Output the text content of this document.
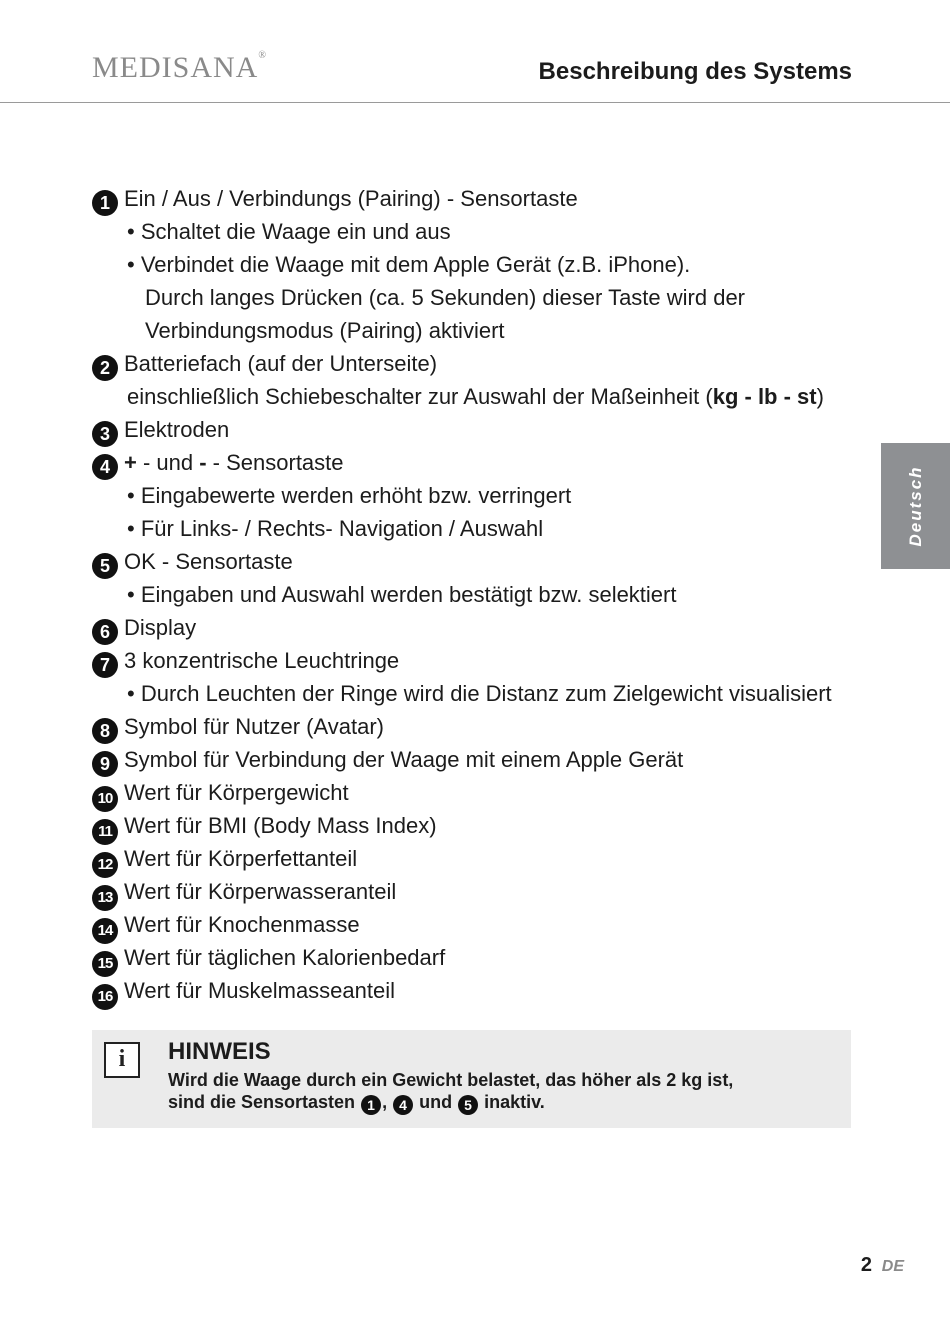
MEDISANA®
Beschreibung des Systems
Deutsch
1 Ein / Aus / Verbindungs (Pairing) - Sensortaste
• Schaltet die Waage ein und aus
• Verbindet die Waage mit dem Apple Gerät (z.B. iPhone).
Durch langes Drücken (ca. 5 Sekunden) dieser Taste wird der
Verbindungsmodus (Pairing) aktiviert
2 Batteriefach (auf der Unterseite)
einschließlich Schiebeschalter zur Auswahl der Maßeinheit (kg - lb - st)
3 Elektroden
4 + - und - - Sensortaste
• Eingabewerte werden erhöht bzw. verringert
• Für Links- / Rechts- Navigation / Auswahl
5 OK - Sensortaste
• Eingaben und Auswahl werden bestätigt bzw. selektiert
6 Display
7 3 konzentrische Leuchtringe
• Durch Leuchten der Ringe wird die Distanz zum Zielgewicht visualisiert
8 Symbol für Nutzer (Avatar)
9 Symbol für Verbindung der Waage mit einem Apple Gerät
10 Wert für Körpergewicht
11 Wert für BMI (Body Mass Index)
12 Wert für Körperfettanteil
13 Wert für Körperwasseranteil
14 Wert für Knochenmasse
15 Wert für täglichen Kalorienbedarf
16 Wert für Muskelmasseanteil
i	HINWEIS
Wird die Waage durch ein Gewicht belastet, das höher als 2 kg ist,
sind die Sensortasten 1 , 4 und 5 inaktiv.
2 DE
